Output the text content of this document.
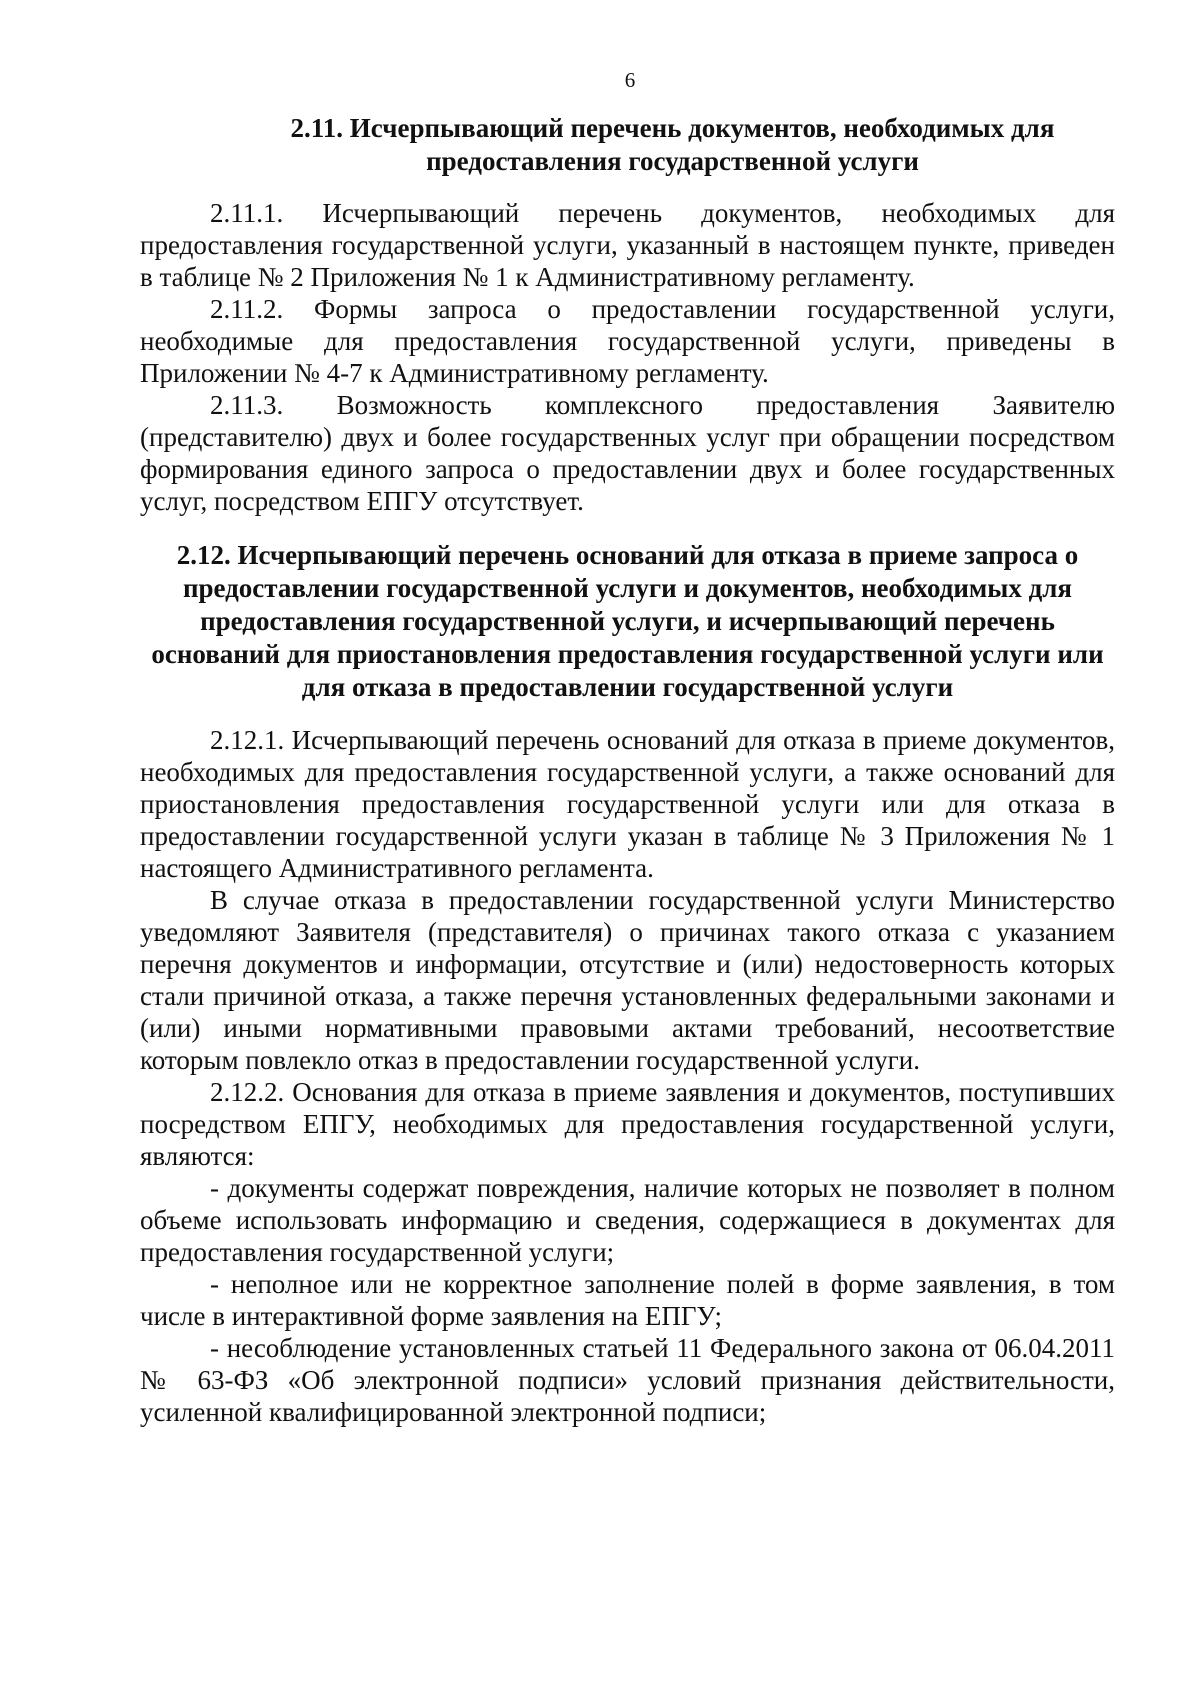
6
2.11. Исчерпывающий перечень документов, необходимых для предоставления государственной услуги

2.11.1. Исчерпывающий перечень документов, необходимых для предоставления государственной услуги, указанный в настоящем пункте, приведен в таблице № 2 Приложения № 1 к Административному регламенту.

2.11.2. Формы запроса о предоставлении государственной услуги, необходимые для предоставления государственной услуги, приведены в Приложении № 4-7 к Административному регламенту.

2.11.3. Возможность комплексного предоставления Заявителю (представителю) двух и более государственных услуг при обращении посредством формирования единого запроса о предоставлении двух и более государственных услуг, посредством ЕПГУ отсутствует.

2.12. Исчерпывающий перечень оснований для отказа в приеме запроса о предоставлении государственной услуги и документов, необходимых для предоставления государственной услуги, и исчерпывающий перечень оснований для приостановления предоставления государственной услуги или для отказа в предоставлении государственной услуги

2.12.1. Исчерпывающий перечень оснований для отказа в приеме документов, необходимых для предоставления государственной услуги, а также оснований для приостановления предоставления государственной услуги или для отказа в предоставлении государственной услуги указан в таблице № 3 Приложения № 1 настоящего Административного регламента.

В случае отказа в предоставлении государственной услуги Министерство уведомляют Заявителя (представителя) о причинах такого отказа с указанием перечня документов и информации, отсутствие и (или) недостоверность которых стали причиной отказа, а также перечня установленных федеральными законами и (или) иными нормативными правовыми актами требований, несоответствие которым повлекло отказ в предоставлении государственной услуги.

2.12.2. Основания для отказа в приеме заявления и документов, поступивших посредством ЕПГУ, необходимых для предоставления государственной услуги, являются:

- документы содержат повреждения, наличие которых не позволяет в полном объеме использовать информацию и сведения, содержащиеся в документах для предоставления государственной услуги;

- неполное или не корректное заполнение полей в форме заявления, в том числе в интерактивной форме заявления на ЕПГУ;

- несоблюдение установленных статьей 11 Федерального закона от 06.04.2011 № 63-ФЗ «Об электронной подписи» условий признания действительности, усиленной квалифицированной электронной подписи;
